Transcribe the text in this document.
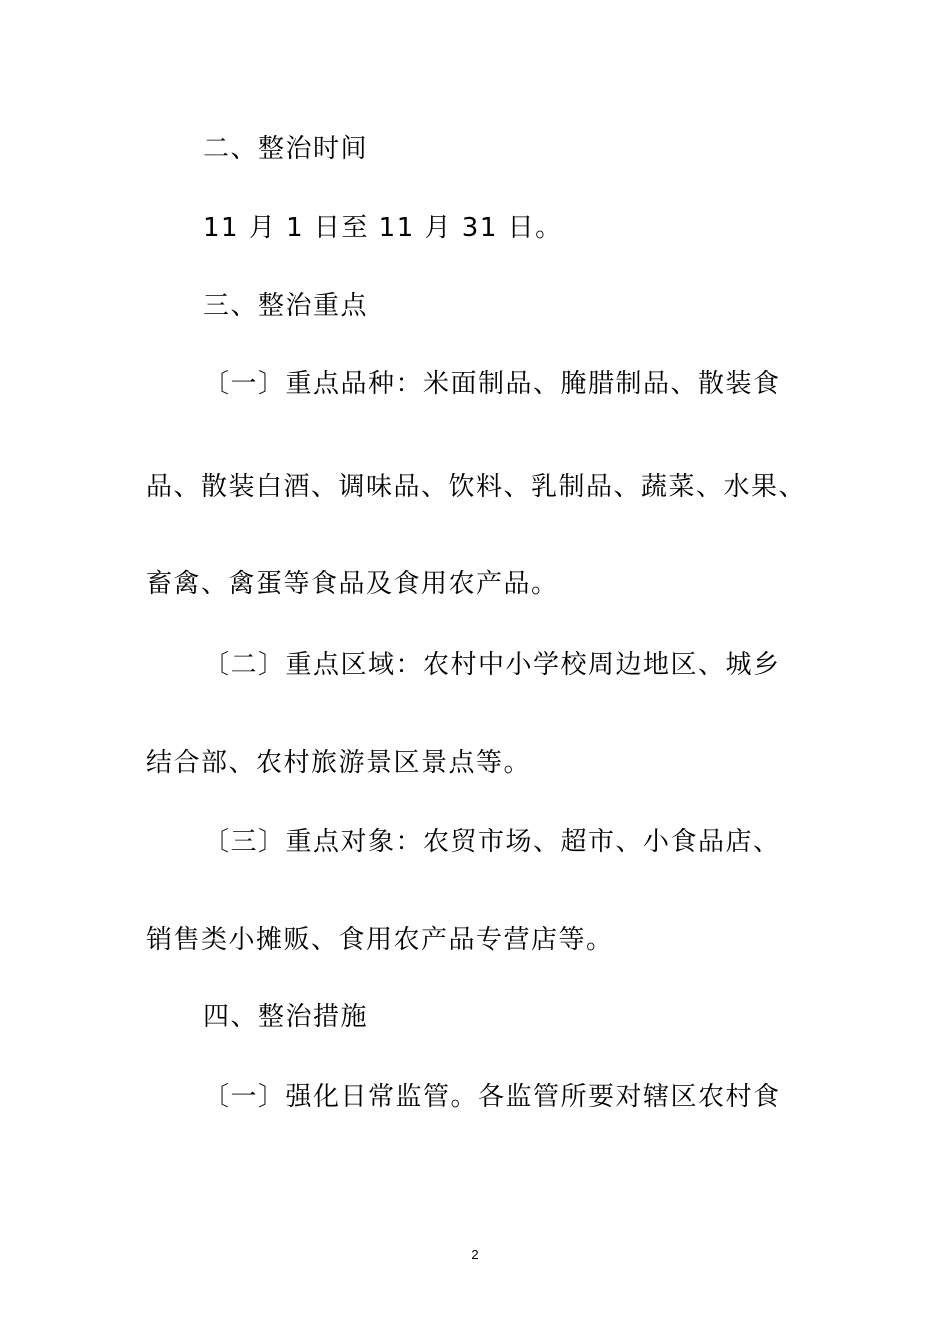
二、整治时间
11 月 1 日至 11 月 31 日。
三、整治重点
〔一〕重点品种：米面制品、腌腊制品、散装食
品、散装白酒、调味品、饮料、乳制品、蔬菜、水果、
畜禽、禽蛋等食品及食用农产品。
〔二〕重点区域：农村中小学校周边地区、城乡
结合部、农村旅游景区景点等。
〔三〕重点对象：农贸市场、超市、小食品店、
销售类小摊贩、食用农产品专营店等。
四、整治措施
〔一〕强化日常监管。各监管所要对辖区农村食
2
